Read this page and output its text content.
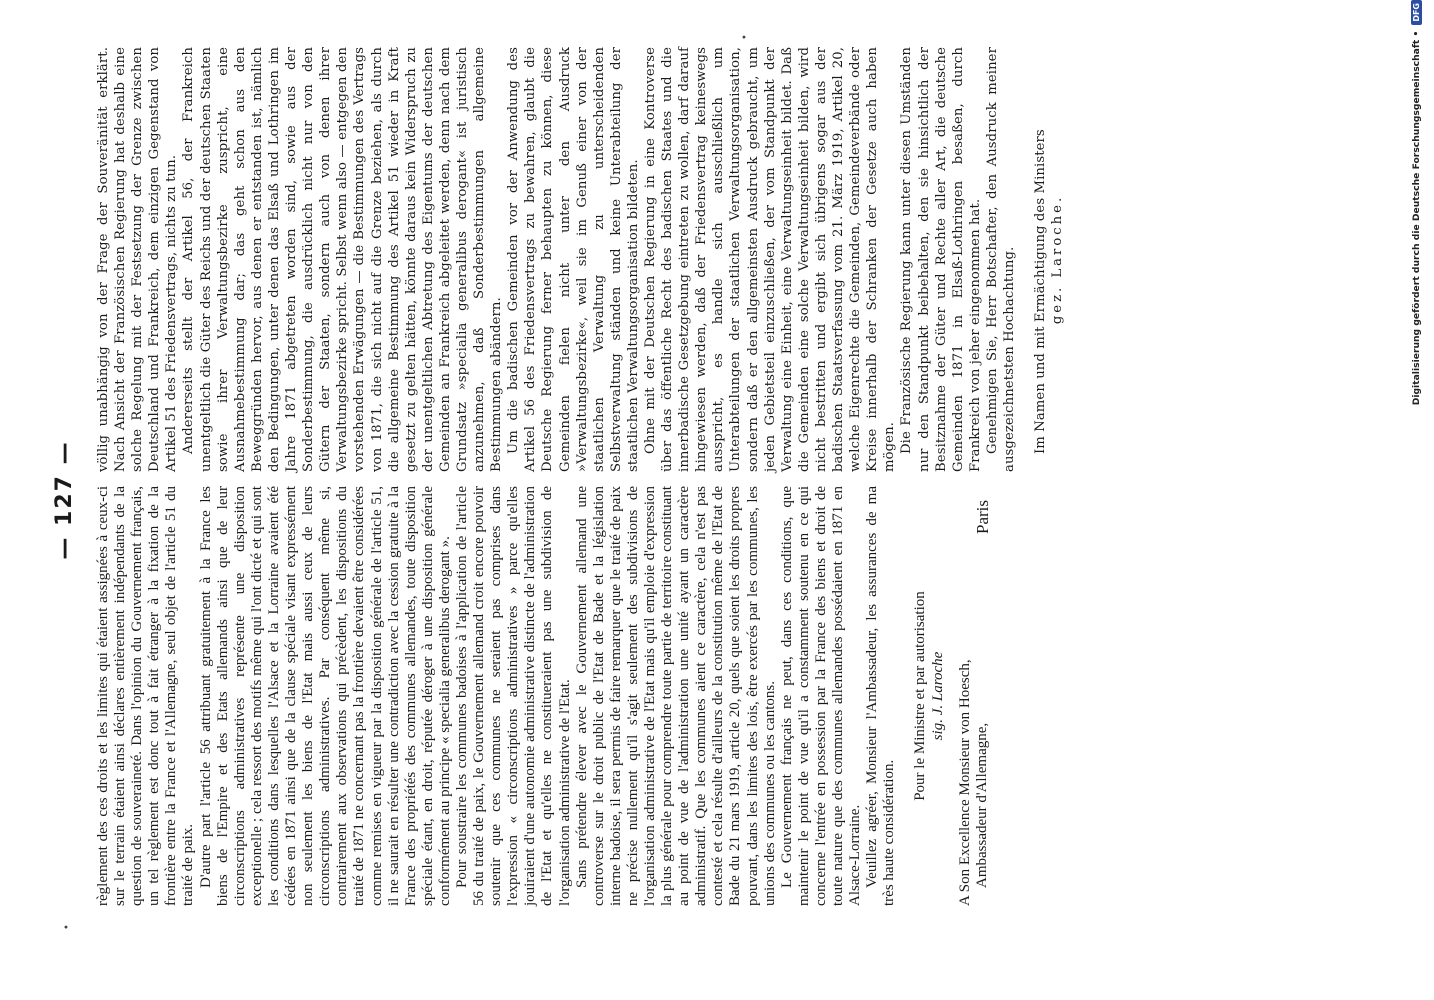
— 127 —
•
•

règlement des ces droits et les limites qui étaient assignées à ceux-ci sur le terrain étaient ainsi déclares entièrement indépendants de la question de souveraineté. Dans l'opinion du Gouvernement français, un tel règlement est donc tout à fait étranger à la fixation de la frontière entre la France et l'Allemagne, seul objet de l'article 51 du traité de paix. D'autre part l'article 56 attribuant gratuitement à la France les biens de l'Empire et des Etats allemands ainsi que de leur circonscriptions administratives représente une disposition exceptionelle ; cela ressort des motifs même qui l'ont dicté et qui sont les conditions dans lesquelles l'Alsace et la Lorraine avaient été cédées en 1871 ainsi que de la clause spéciale visant expressément non seulement les biens de l'Etat mais aussi ceux de leurs circonscriptions administratives. Par conséquent même si, contrairement aux observations qui précèdent, les dispositions du traité de 1871 ne concernant pas la frontière devaient être considérées comme remises en vigueur par la disposition générale de l'article 51, il ne saurait en résulter une contradiction avec la cession gratuite à la France des propriétés des communes allemandes, toute disposition spéciale étant, en droit, réputée déroger à une disposition générale conformément au principe « specialia generalibus derogant ». Pour soustraire les communes badoises à l'application de l'article 56 du traité de paix, le Gouvernement allemand croit encore pouvoir soutenir que ces communes ne seraient pas comprises dans l'expression « circonscriptions administratives » parce qu'elles jouiraient d'une autonomie administrative distincte de l'administration de l'Etat et qu'elles ne constitueraient pas une subdivision de l'organisation administrative de l'Etat. Sans prétendre élever avec le Gouvernement allemand une controverse sur le droit public de l'Etat de Bade et la législation interne badoise, il sera permis de faire remarquer que le traité de paix ne précise nullement qu'il s'agit seulement des subdivisions de l'organisation administrative de l'Etat mais qu'il emploie d'expression la plus générale pour comprendre toute partie de territoire constituant au point de vue de l'administration une unité ayant un caractère administratif. Que les communes aient ce caractère, cela n'est pas contesté et cela résulte d'ailleurs de la constitution même de l'Etat de Bade du 21 mars 1919, article 20, quels que soient les droits propres pouvant, dans les limites des lois, être exercés par les communes, les unions des communes ou les cantons. Le Gouvernement français ne peut, dans ces conditions, que maintenir le point de vue qu'il a constamment soutenu en ce qui concerne l'entrée en possession par la France des biens et droit de toute nature que des communes allemandes possédaient en 1871 en Alsace-Lorraine. Veuillez agréer, Monsieur l'Ambassadeur, les assurances de ma très haute considération.

Pour le Ministre et par autorisation sig. J. Laroche A Son Excellence Monsieur von Hoesch, Ambassadeur d'Allemagne,
Paris

völlig unabhängig von der Frage der Souveränität erklärt. Nach Ansicht der Französischen Regierung hat deshalb eine solche Regelung mit der Festsetzung der Grenze zwischen Deutschland und Frankreich, dem einzigen Gegenstand von Artikel 51 des Friedensvertrags, nichts zu tun. Andererseits stellt der Artikel 56, der Frankreich unentgeltlich die Güter des Reichs und der deutschen Staaten sowie ihrer Verwaltungsbezirke zuspricht, eine Ausnahmebestimmung dar; das geht schon aus den Beweggründen hervor, aus denen er entstanden ist, nämlich den Bedingungen, unter denen das Elsaß und Lothringen im Jahre 1871 abgetreten worden sind, sowie aus der Sonderbestimmung, die ausdrücklich nicht nur von den Gütern der Staaten, sondern auch von denen ihrer Verwaltungsbezirke spricht. Selbst wenn also — entgegen den vorstehenden Erwägungen — die Bestimmungen des Vertrags von 1871, die sich nicht auf die Grenze beziehen, als durch die allgemeine Bestimmung des Artikel 51 wieder in Kraft gesetzt zu gelten hätten, könnte daraus kein Widerspruch zu der unentgeltlichen Abtretung des Eigentums der deutschen Gemeinden an Frankreich abgeleitet werden, denn nach dem Grundsatz »specialia generalibus derogant« ist juristisch anzunehmen, daß Sonderbestimmungen allgemeine Bestimmungen abändern. Um die badischen Gemeinden vor der Anwendung des Artikel 56 des Friedensvertrags zu bewahren, glaubt die Deutsche Regierung ferner behaupten zu können, diese Gemeinden fielen nicht unter den Ausdruck »Verwaltungsbezirke«, weil sie im Genuß einer von der staatlichen Verwaltung zu unterscheidenden Selbstverwaltung ständen und keine Unterabteilung der staatlichen Verwaltungsorganisation bildeten. Ohne mit der Deutschen Regierung in eine Kontroverse über das öffentliche Recht des badischen Staates und die innerbadische Gesetzgebung eintreten zu wollen, darf darauf hingewiesen werden, daß der Friedensvertrag keineswegs ausspricht, es handle sich ausschließlich um Unterabteilungen der staatlichen Verwaltungsorganisation, sondern daß er den allgemeinsten Ausdruck gebraucht, um jeden Gebietsteil einzuschließen, der vom Standpunkt der Verwaltung eine Einheit, eine Verwaltungseinheit bildet. Daß die Gemeinden eine solche Verwaltungseinheit bilden, wird nicht bestritten und ergibt sich übrigens sogar aus der badischen Staatsverfassung vom 21. März 1919, Artikel 20, welche Eigenrechte die Gemeinden, Gemeindeverbände oder Kreise innerhalb der Schranken der Gesetze auch haben mögen. Die Französische Regierung kann unter diesen Umständen nur den Standpunkt beibehalten, den sie hinsichtlich der Besitznahme der Güter und Rechte aller Art, die deutsche Gemeinden 1871 in Elsaß-Lothringen besaßen, durch Frankreich von jeher eingenommen hat. Genehmigen Sie, Herr Botschafter, den Ausdruck meiner ausgezeichnetsten Hochachtung. Im Namen und mit Ermächtigung des Ministers gez. Laroche.	Digitalisierung gefördert durch die Deutsche Forschungsgemeinschaft •
DFG
